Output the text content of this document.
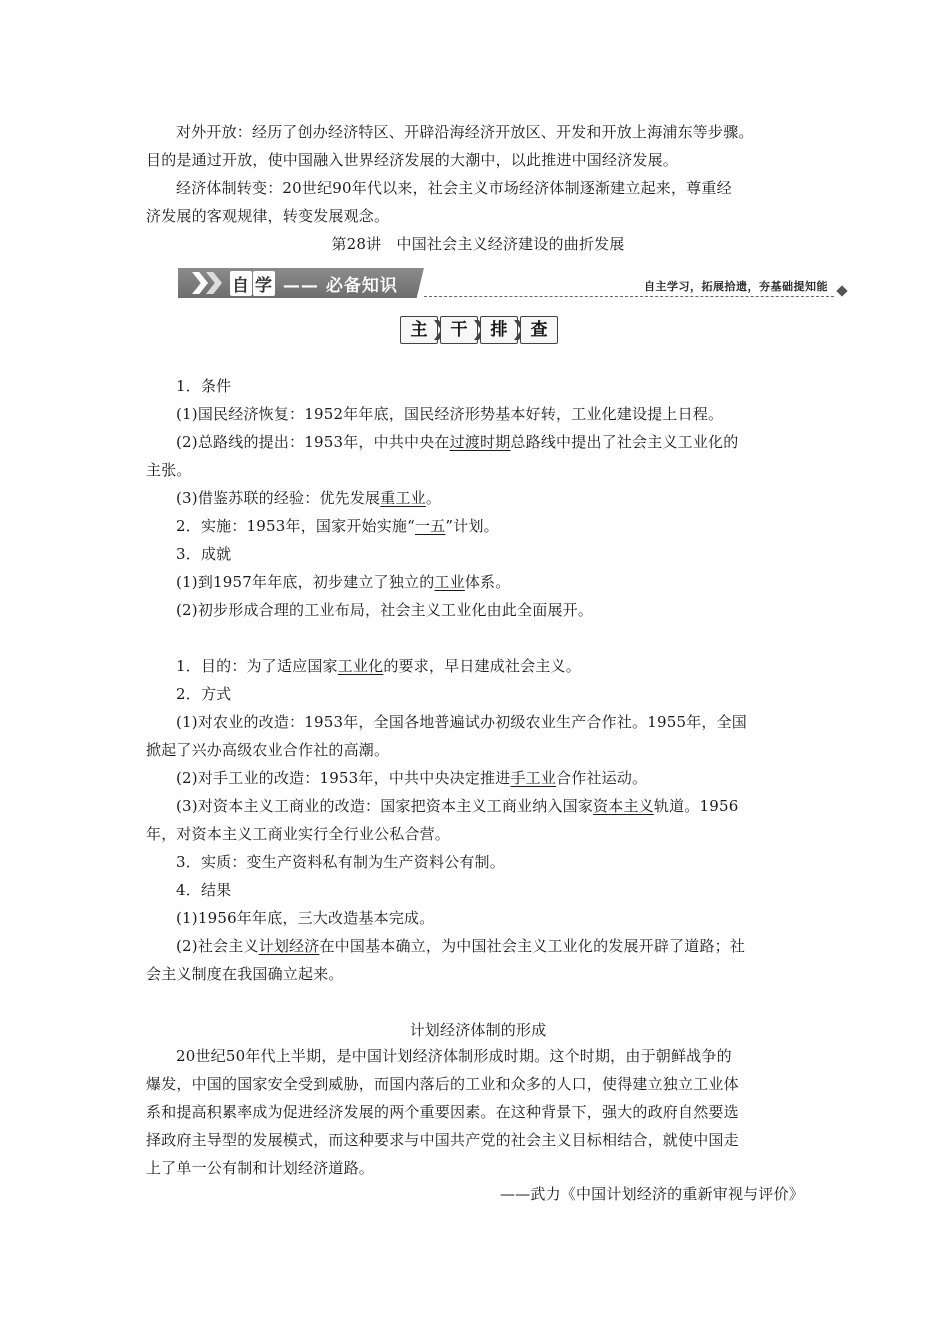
对外开放：经历了创办经济特区、开辟沿海经济开放区、开发和开放上海浦东等步骤。
目的是通过开放，使中国融入世界经济发展的大潮中，以此推进中国经济发展。
经济体制转变：20世纪90年代以来，社会主义市场经济体制逐渐建立起来，尊重经
济发展的客观规律，转变发展观念。
第28讲　中国社会主义经济建设的曲折发展
自 学 —— 必备知识	自主学习，拓展拾遗，夯基础提知能
主	干	排	查
1．条件
(1)国民经济恢复：1952年年底，国民经济形势基本好转，工业化建设提上日程。
(2)总路线的提出：1953年，中共中央在过渡时期总路线中提出了社会主义工业化的
主张。
(3)借鉴苏联的经验：优先发展重工业。
2．实施：1953年，国家开始实施“一五”计划。
3．成就
(1)到1957年年底，初步建立了独立的工业体系。
(2)初步形成合理的工业布局，社会主义工业化由此全面展开。
1．目的：为了适应国家工业化的要求，早日建成社会主义。
2．方式
(1)对农业的改造：1953年，全国各地普遍试办初级农业生产合作社。1955年，全国
掀起了兴办高级农业合作社的高潮。
(2)对手工业的改造：1953年，中共中央决定推进手工业合作社运动。
(3)对资本主义工商业的改造：国家把资本主义工商业纳入国家资本主义轨道。1956
年，对资本主义工商业实行全行业公私合营。
3．实质：变生产资料私有制为生产资料公有制。
4．结果
(1)1956年年底，三大改造基本完成。
(2)社会主义计划经济在中国基本确立，为中国社会主义工业化的发展开辟了道路；社
会主义制度在我国确立起来。
计划经济体制的形成
20世纪50年代上半期，是中国计划经济体制形成时期。这个时期，由于朝鲜战争的
爆发，中国的国家安全受到威胁，而国内落后的工业和众多的人口，使得建立独立工业体
系和提高积累率成为促进经济发展的两个重要因素。在这种背景下，强大的政府自然要选
择政府主导型的发展模式，而这种要求与中国共产党的社会主义目标相结合，就使中国走
上了单一公有制和计划经济道路。
——武力《中国计划经济的重新审视与评价》
